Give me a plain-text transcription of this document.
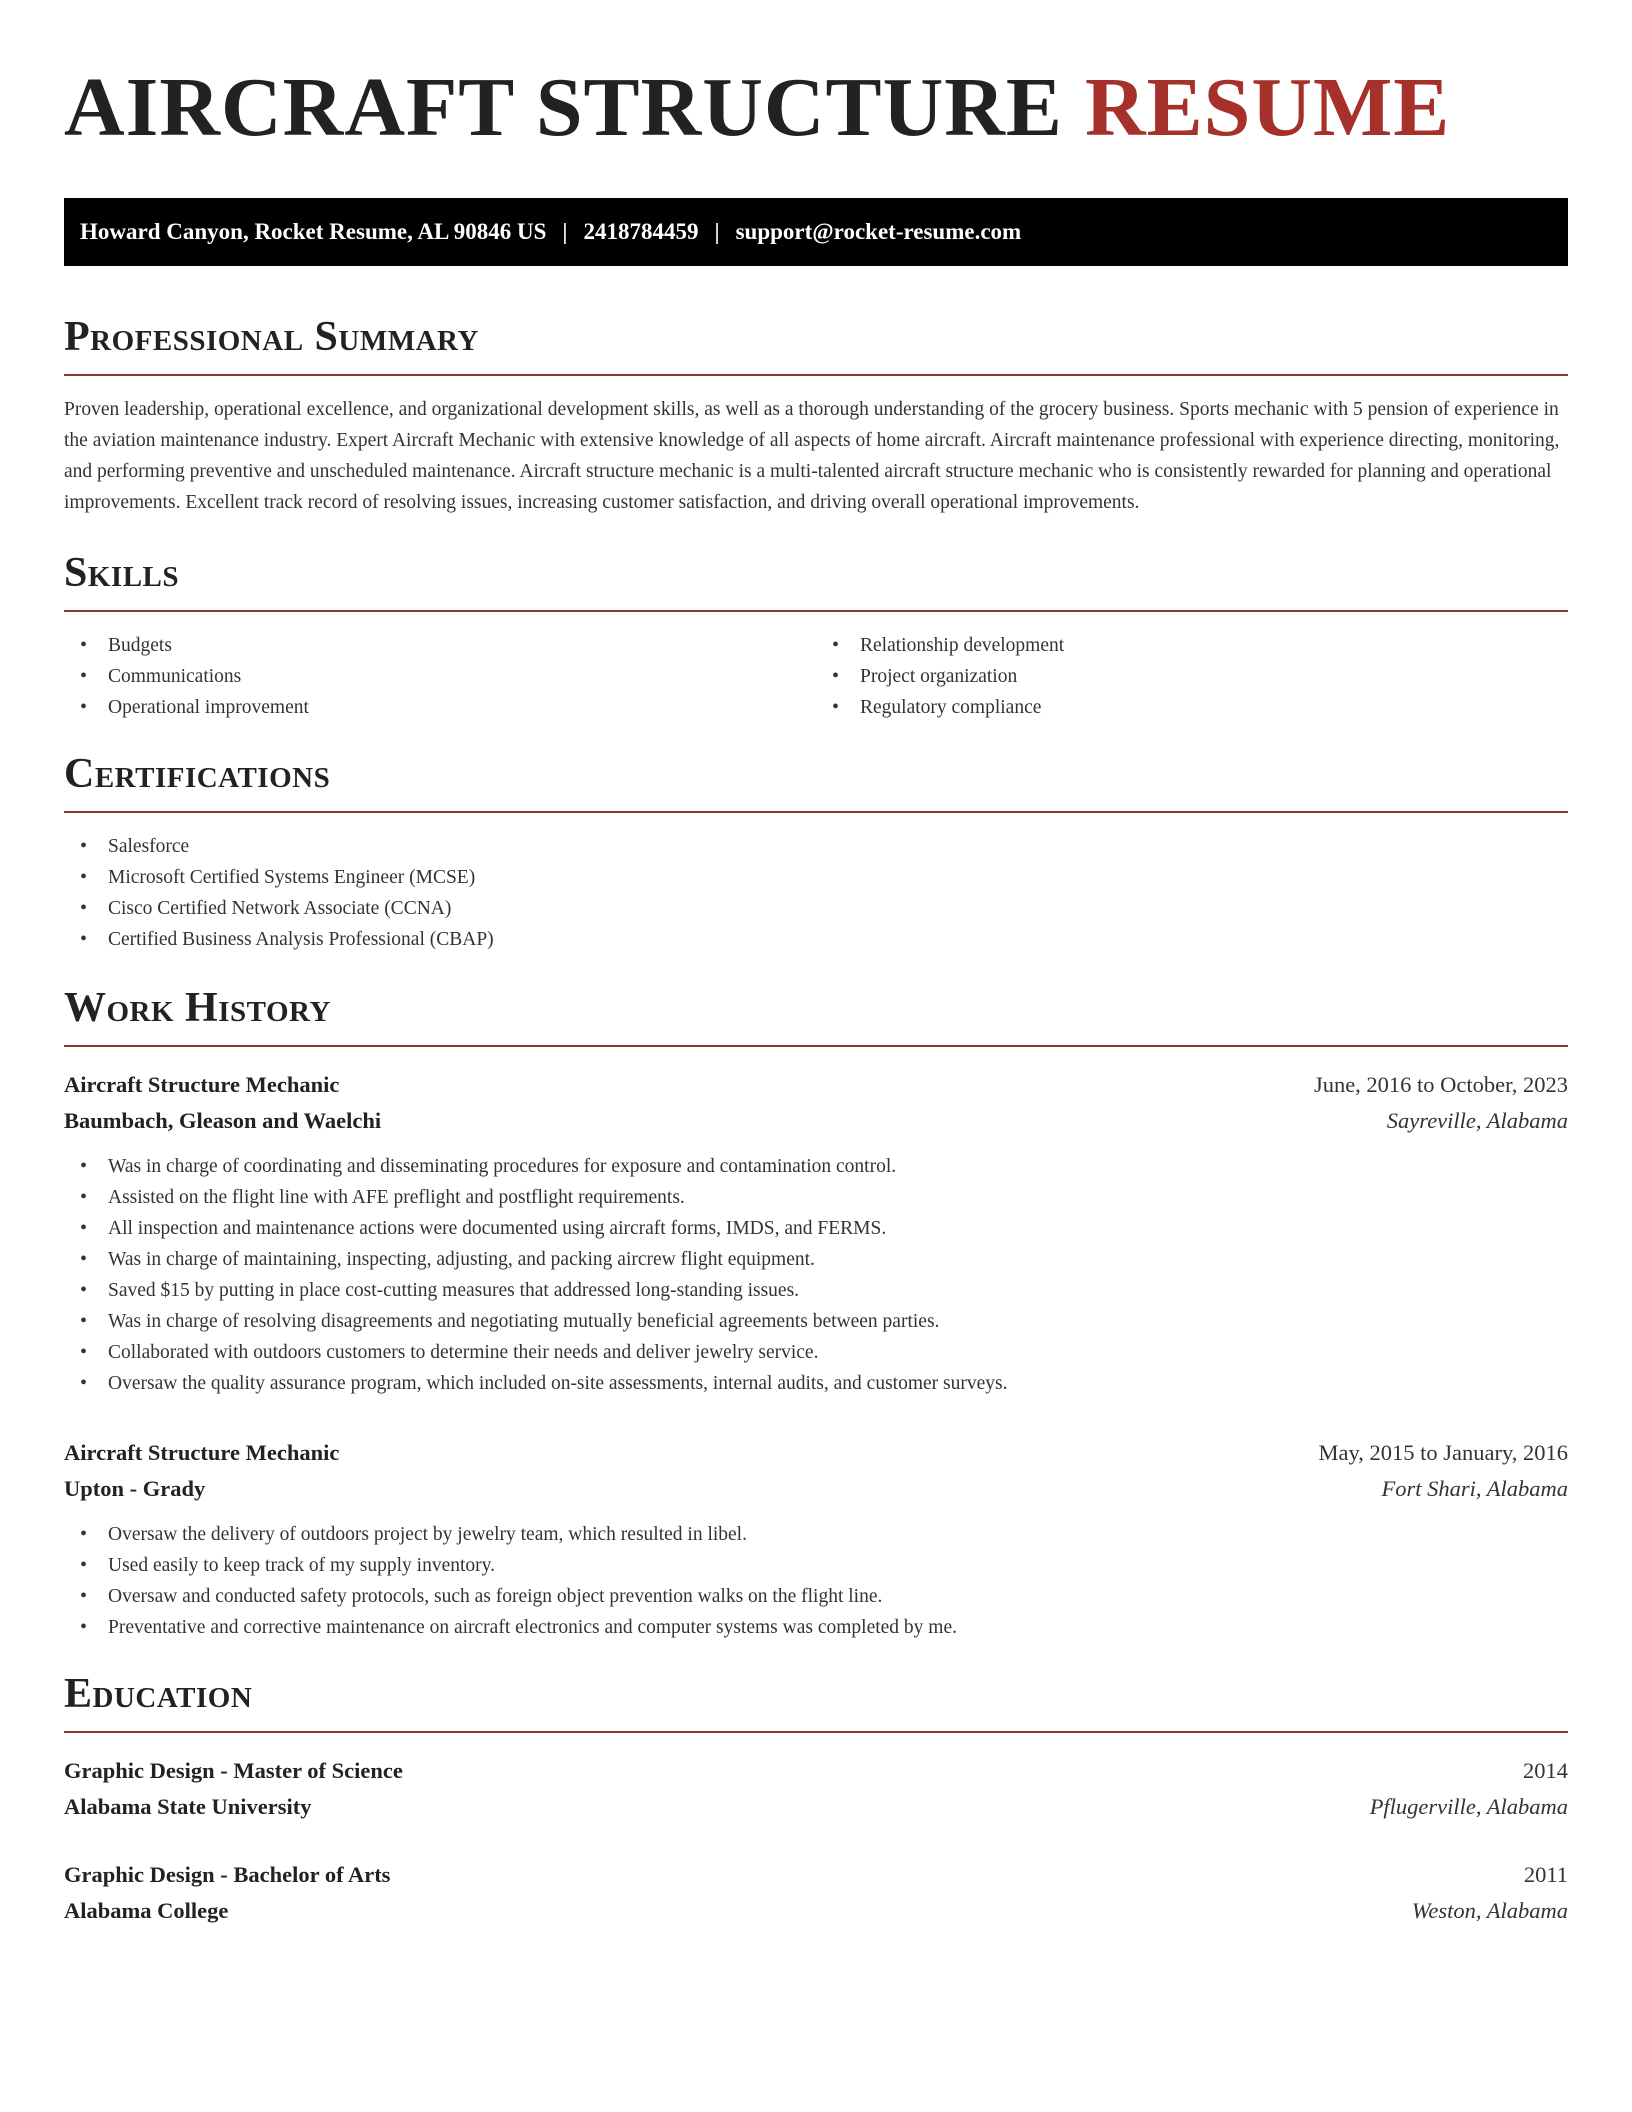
AIRCRAFT STRUCTURE RESUME
Howard Canyon, Rocket Resume, AL 90846 US | 2418784459 | support@rocket-resume.com
Professional Summary

Proven leadership, operational excellence, and organizational development skills, as well as a thorough understanding of the grocery business. Sports mechanic with 5 pension of experience in the aviation maintenance industry. Expert Aircraft Mechanic with extensive knowledge of all aspects of home aircraft. Aircraft maintenance professional with experience directing, monitoring, and performing preventive and unscheduled maintenance. Aircraft structure mechanic is a multi-talented aircraft structure mechanic who is consistently rewarded for planning and operational improvements. Excellent track record of resolving issues, increasing customer satisfaction, and driving overall operational improvements.

Skills
• Budgets
• Communications
• Operational improvement
• Relationship development
• Project organization
• Regulatory compliance
Certifications
• Salesforce
• Microsoft Certified Systems Engineer (MCSE)
• Cisco Certified Network Associate (CCNA)
• Certified Business Analysis Professional (CBAP)
Work History
Aircraft Structure Mechanic	June, 2016 to October, 2023
Baumbach, Gleason and Waelchi	Sayreville, Alabama
• Was in charge of coordinating and disseminating procedures for exposure and contamination control.
• Assisted on the flight line with AFE preflight and postflight requirements.
• All inspection and maintenance actions were documented using aircraft forms, IMDS, and FERMS.
• Was in charge of maintaining, inspecting, adjusting, and packing aircrew flight equipment.
• Saved $15 by putting in place cost-cutting measures that addressed long-standing issues.
• Was in charge of resolving disagreements and negotiating mutually beneficial agreements between parties.
• Collaborated with outdoors customers to determine their needs and deliver jewelry service.
• Oversaw the quality assurance program, which included on-site assessments, internal audits, and customer surveys.
Aircraft Structure Mechanic	May, 2015 to January, 2016
Upton - Grady	Fort Shari, Alabama
• Oversaw the delivery of outdoors project by jewelry team, which resulted in libel.
• Used easily to keep track of my supply inventory.
• Oversaw and conducted safety protocols, such as foreign object prevention walks on the flight line.
• Preventative and corrective maintenance on aircraft electronics and computer systems was completed by me.
Education
Graphic Design - Master of Science	2014
Alabama State University	Pflugerville, Alabama
Graphic Design - Bachelor of Arts	2011
Alabama College	Weston, Alabama
